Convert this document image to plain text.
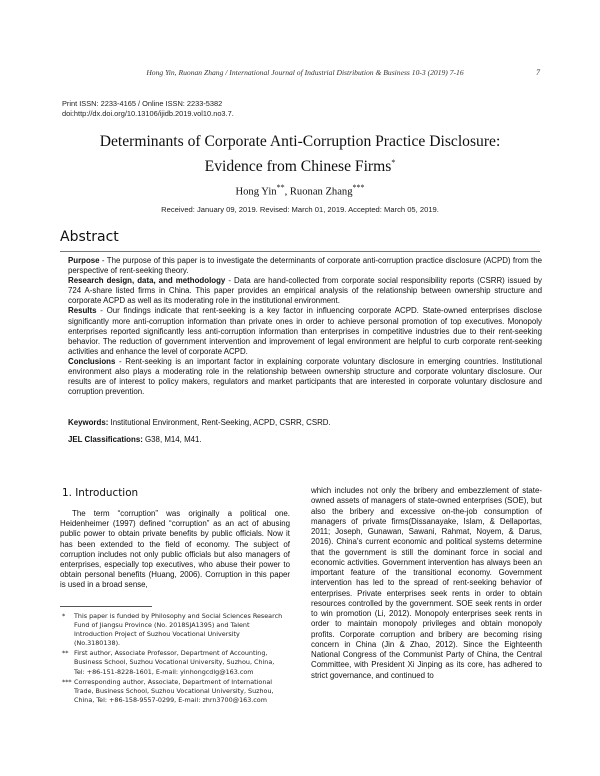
Hong Yin, Ruonan Zhang / International Journal of Industrial Distribution & Business 10-3 (2019) 7-16	7
Print ISSN: 2233-4165 / Online ISSN: 2233-5382
doi:http://dx.doi.org/10.13106/ijidb.2019.vol10.no3.7.
Determinants of Corporate Anti-Corruption Practice Disclosure:
Evidence from Chinese Firms*
Hong Yin**, Ruonan Zhang***
Received: January 09, 2019. Revised: March 01, 2019. Accepted: March 05, 2019.
Abstract

Purpose - The purpose of this paper is to investigate the determinants of corporate anti-corruption practice disclosure (ACPD) from the perspective of rent-seeking theory.

Research design, data, and methodology - Data are hand-collected from corporate social responsibility reports (CSRR) issued by 724 A-share listed firms in China. This paper provides an empirical analysis of the relationship between ownership structure and corporate ACPD as well as its moderating role in the institutional environment.

Results - Our findings indicate that rent-seeking is a key factor in influencing corporate ACPD. State-owned enterprises disclose significantly more anti-corruption information than private ones in order to achieve personal promotion of top executives. Monopoly enterprises reported significantly less anti-corruption information than enterprises in competitive industries due to their rent-seeking behavior. The reduction of government intervention and improvement of legal environment are helpful to curb corporate rent-seeking activities and enhance the level of corporate ACPD.

Conclusions - Rent-seeking is an important factor in explaining corporate voluntary disclosure in emerging countries. Institutional environment also plays a moderating role in the relationship between ownership structure and corporate voluntary disclosure. Our results are of interest to policy makers, regulators and market participants that are interested in corporate voluntary disclosure and corruption prevention.

Keywords: Institutional Environment, Rent-Seeking, ACPD, CSRR, CSRD.
JEL Classifications: G38, M14, M41.
1. Introduction

The term “corruption” was originally a political one. Heidenheimer (1997) defined “corruption” as an act of abusing public power to obtain private benefits by public officials. Now it has been extended to the field of economy. The subject of corruption includes not only public officials but also managers of enterprises, especially top executives, who abuse their power to obtain personal benefits (Huang, 2006). Corruption in this paper is used in a broad sense,

* This paper is funded by Philosophy and Social Sciences Research Fund of Jiangsu Province (No. 2018SJA1395) and Talent Introduction Project of Suzhou Vocational University (No.3180138).
** First author, Associate Professor, Department of Accounting, Business School, Suzhou Vocational University, Suzhou, China, Tel: +86-151-8228-1601, E-mail: yinhongcdlg@163.com
*** Corresponding author, Associate, Department of International Trade, Business School, Suzhou Vocational University, Suzhou, China, Tel: +86-158-9557-0299, E-mail: zhrn3700@163.com

which includes not only the bribery and embezzlement of state-owned assets of managers of state-owned enterprises (SOE), but also the bribery and excessive on-the-job consumption of managers of private firms(Dissanayake, Islam, & Dellaportas, 2011; Joseph, Gunawan, Sawani, Rahmat, Noyem, & Darus, 2016). China's current economic and political systems determine that the government is still the dominant force in social and economic activities. Government intervention has always been an important feature of the transitional economy. Government intervention has led to the spread of rent-seeking behavior of enterprises. Private enterprises seek rents in order to obtain resources controlled by the government. SOE seek rents in order to win promotion (Li, 2012). Monopoly enterprises seek rents in order to maintain monopoly privileges and obtain monopoly profits. Corporate corruption and bribery are becoming rising concern in China (Jin & Zhao, 2012). Since the Eighteenth National Congress of the Communist Party of China, the Central Committee, with President Xi Jinping as its core, has adhered to strict governance, and continued to
